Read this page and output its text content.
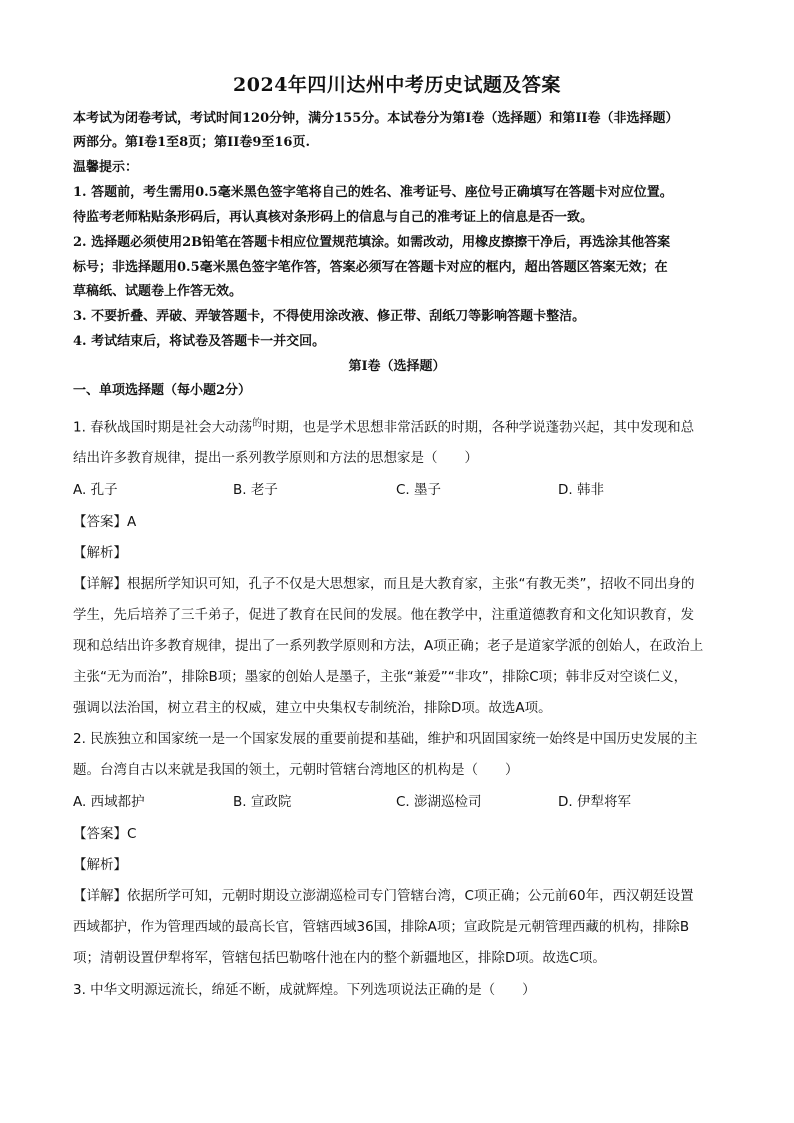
2024年四川达州中考历史试题及答案
本考试为闭卷考试，考试时间120分钟，满分155分。本试卷分为第I卷（选择题）和第II卷（非选择题）
两部分。第I卷1至8页；第II卷9至16页.
温馨提示：
1. 答题前，考生需用0.5毫米黑色签字笔将自己的姓名、准考证号、座位号正确填写在答题卡对应位置。
待监考老师粘贴条形码后，再认真核对条形码上的信息与自己的准考证上的信息是否一致。
2. 选择题必须使用2B铅笔在答题卡相应位置规范填涂。如需改动，用橡皮擦擦干净后，再选涂其他答案
标号；非选择题用0.5毫米黑色签字笔作答，答案必须写在答题卡对应的框内，超出答题区答案无效；在
草稿纸、试题卷上作答无效。
3. 不要折叠、弄破、弄皱答题卡，不得使用涂改液、修正带、刮纸刀等影响答题卡整洁。
4. 考试结束后，将试卷及答题卡一并交回。
第I卷（选择题）
一、单项选择题（每小题2分）
1. 春秋战国时期是社会大动荡$^的$时期，也是学术思想非常活跃的时期，各种学说蓬勃兴起，其中发现和总
结出许多教育规律，提出一系列教学原则和方法的思想家是（　　）
A. 孔子	B. 老子	C. 墨子	D. 韩非
【答案】A
【解析】
【详解】根据所学知识可知，孔子不仅是大思想家，而且是大教育家，主张“有教无类”，招收不同出身的
学生，先后培养了三千弟子，促进了教育在民间的发展。他在教学中，注重道德教育和文化知识教育，发
现和总结出许多教育规律，提出了一系列教学原则和方法，A项正确；老子是道家学派的创始人，在政治上
主张“无为而治”，排除B项；墨家的创始人是墨子，主张“兼爱”“非攻”，排除C项；韩非反对空谈仁义，
强调以法治国，树立君主的权威，建立中央集权专制统治，排除D项。故选A项。
2. 民族独立和国家统一是一个国家发展的重要前提和基础，维护和巩固国家统一始终是中国历史发展的主
题。台湾自古以来就是我国的领土，元朝时管辖台湾地区的机构是（　　）
A. 西域都护	B. 宣政院	C. 澎湖巡检司	D. 伊犁将军
【答案】C
【解析】
【详解】依据所学可知，元朝时期设立澎湖巡检司专门管辖台湾，C项正确；公元前60年，西汉朝廷设置
西域都护，作为管理西域的最高长官，管辖西域36国，排除A项；宣政院是元朝管理西藏的机构，排除B
项；清朝设置伊犁将军，管辖包括巴勒喀什池在内的整个新疆地区，排除D项。故选C项。
3. 中华文明源远流长，绵延不断，成就辉煌。下列选项说法正确的是（　　）
